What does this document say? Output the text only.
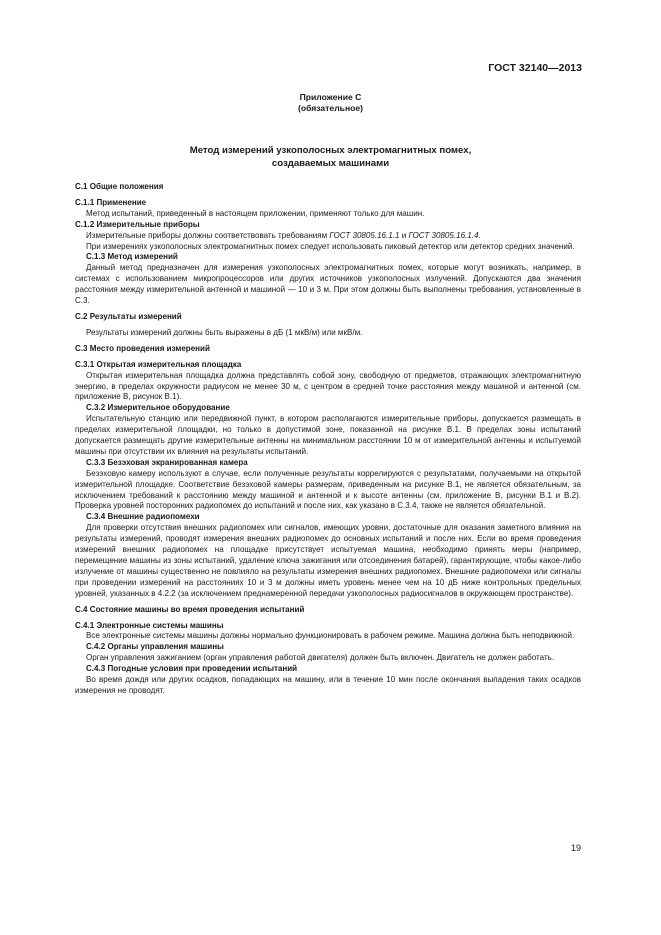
ГОСТ 32140—2013
Приложение С
(обязательное)
Метод измерений узкополосных электромагнитных помех,
создаваемых машинами
С.1 Общие положения
С.1.1 Применение

Метод испытаний, приведенный в настоящем приложении, применяют только для машин.

С.1.2 Измерительные приборы

Измерительные приборы должны соответствовать требованиям ГОСТ 30805.16.1.1 и ГОСТ 30805.16.1.4.

При измерениях узкополосных электромагнитных помех следует использовать пиковый детектор или детектор средних значений.

С.1.3 Метод измерений

Данный метод предназначен для измерения узкополосных электромагнитных помех, которые могут возникать, например, в системах с использованием микропроцессоров или других источников узкополосных излучений. Допускаются два значения расстояния между измерительной антенной и машиной — 10 и 3 м. При этом должны быть выполнены требования, установленные в С.3.

С.2 Результаты измерений

Результаты измерений должны быть выражены в дБ (1 мкВ/м) или мкВ/м.

С.3 Место проведения измерений
С.3.1 Открытая измерительная площадка

Открытая измерительная площадка должна представлять собой зону, свободную от предметов, отражающих электромагнитную энергию, в пределах окружности радиусом не менее 30 м, с центром в средней точке расстояния между машиной и антенной (см. приложение В, рисунок В.1).

С.3.2 Измерительное оборудование

Испытательную станцию или передвижной пункт, в котором располагаются измерительные приборы, допускается размещать в пределах измерительной площадки, но только в допустимой зоне, показанной на рисунке В.1. В пределах зоны испытаний допускается размещать другие измерительные антенны на минимальном расстоянии 10 м от измерительной антенны и испытуемой машины при отсутствии их влияния на результаты испытаний.

С.3.3 Безэховая экранированная камера

Безэховую камеру используют в случае, если полученные результаты коррелируются с результатами, получаемыми на открытой измерительной площадке. Соответствие безэховой камеры размерам, приведенным на рисунке В.1, не является обязательным, за исключением требований к расстоянию между машиной и антенной и к высоте антенны (см. приложение В, рисунки В.1 и В.2). Проверка уровней посторонних радиопомех до испытаний и после них, как указано в С.3.4, также не является обязательной.

С.3.4 Внешние радиопомехи

Для проверки отсутствия внешних радиопомех или сигналов, имеющих уровни, достаточные для оказания заметного влияния на результаты измерений, проводят измерения внешних радиопомех до основных испытаний и после них. Если во время проведения измерений внешних радиопомех на площадке присутствует испытуемая машина, необходимо принять меры (например, перемещение машины из зоны испытаний, удаление ключа зажигания или отсоединения батарей), гарантирующие, чтобы какое-либо излучение от машины существенно не повлияло на результаты измерения внешних радиопомех. Внешние радиопомехи или сигналы при проведении измерений на расстояниях 10 и 3 м должны иметь уровень менее чем на 10 дБ ниже контрольных предельных уровней, указанных в 4.2.2 (за исключением преднамеренной передачи узкополосных радиосигналов в окружающем пространстве).

С.4 Состояние машины во время проведения испытаний
С.4.1 Электронные системы машины

Все электронные системы машины должны нормально функционировать в рабочем режиме. Машина должна быть неподвижной.

С.4.2 Органы управления машины

Орган управления зажиганием (орган управления работой двигателя) должен быть включен. Двигатель не должен работать.

С.4.3 Погодные условия при проведении испытаний

Во время дождя или других осадков, попадающих на машину, или в течение 10 мин после окончания выпадения таких осадков измерения не проводят.

19
